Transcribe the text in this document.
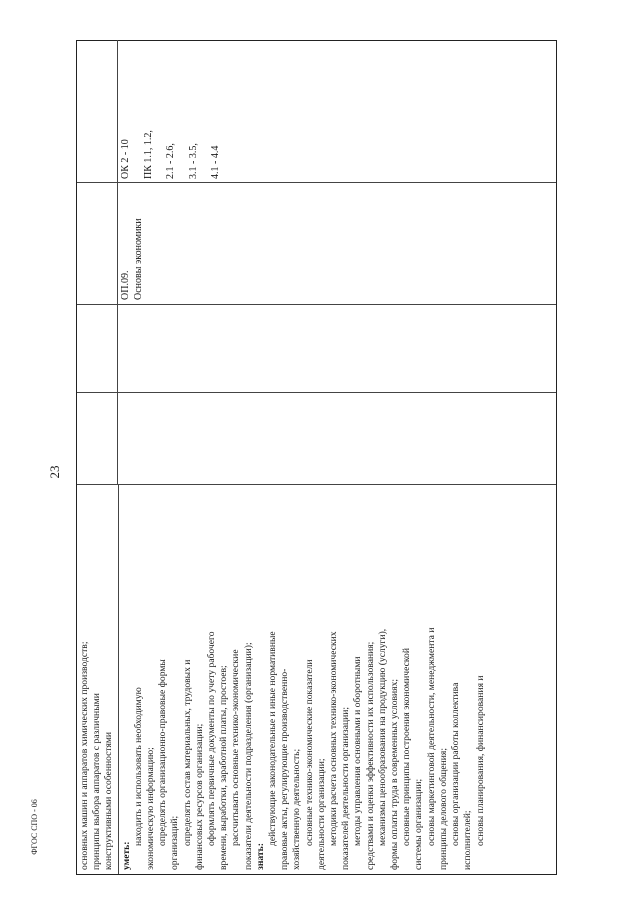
23

основных машин и аппаратов химических производств; принципы выбора аппаратов с различными конструктивными особенностями уметь:

находить и использовать необходимую экономическую информацию; определять организационно-правовые формы организаций; определять состав материальных, трудовых и финансовых ресурсов организации; оформлять первичные документы по учету рабочего времени, выработки, заработной платы, простоев; рассчитывать основные технико-экономические показатели деятельности подразделения (организации); знать:

действующие законодательные и иные нормативные правовые акты, регулирующие производственно- хозяйственную деятельность; основные технико-экономические показатели деятельности организации; методики расчета основных технико-экономических показателей деятельности организации; методы управления основными и оборотными средствами и оценки эффективности их использования; механизмы ценообразования на продукцию (услуги), формы оплаты труда в современных условиях; основные принципы построения экономической системы организации; основы маркетинговой деятельности, менеджмента и принципы делового общения; основы организации работы коллектива исполнителей; основы планирования, финансирования и

ОП.09. Основы экономики

ОК 2 - 10 ПК 1.1, 1.2, 2.1 - 2.6, 3.1 - 3.5, 4.1 - 4.4

ФГОС СПО - 06
